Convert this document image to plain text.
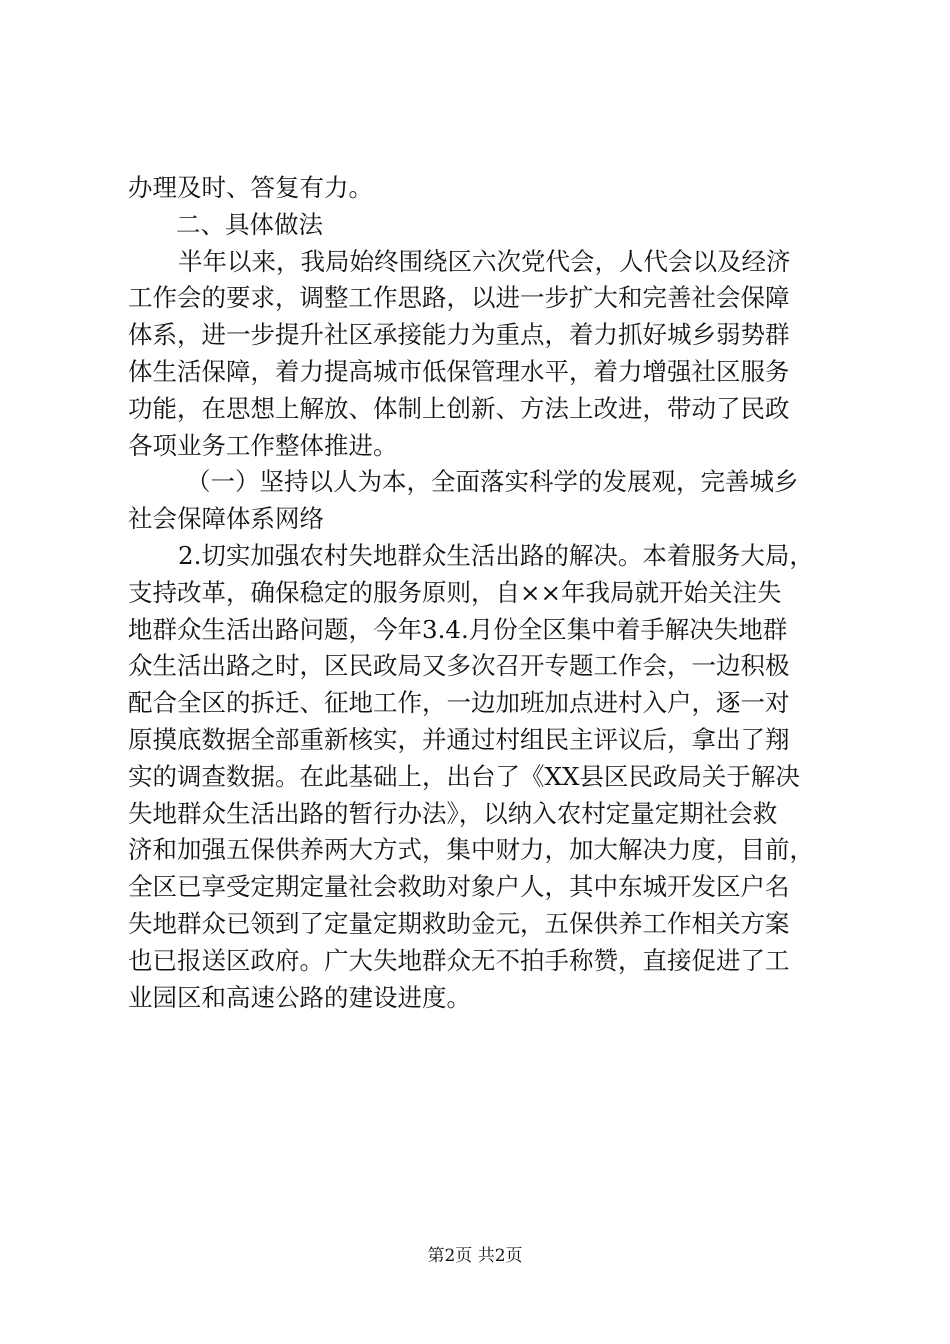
办理及时、答复有力。
二、具体做法
半年以来，我局始终围绕区六次党代会，人代会以及经济
工作会的要求，调整工作思路，以进一步扩大和完善社会保障
体系，进一步提升社区承接能力为重点，着力抓好城乡弱势群
体生活保障，着力提高城市低保管理水平，着力增强社区服务
功能，在思想上解放、体制上创新、方法上改进，带动了民政
各项业务工作整体推进。
（一）坚持以人为本，全面落实科学的发展观，完善城乡
社会保障体系网络
2.切实加强农村失地群众生活出路的解决。本着服务大局，
支持改革，确保稳定的服务原则，自××年我局就开始关注失
地群众生活出路问题，今年3.4.月份全区集中着手解决失地群
众生活出路之时，区民政局又多次召开专题工作会，一边积极
配合全区的拆迁、征地工作，一边加班加点进村入户，逐一对
原摸底数据全部重新核实，并通过村组民主评议后，拿出了翔
实的调查数据。在此基础上，出台了《XX县区民政局关于解决
失地群众生活出路的暂行办法》，以纳入农村定量定期社会救
济和加强五保供养两大方式，集中财力，加大解决力度，目前，
全区已享受定期定量社会救助对象户人，其中东城开发区户名
失地群众已领到了定量定期救助金元，五保供养工作相关方案
也已报送区政府。广大失地群众无不拍手称赞，直接促进了工
业园区和高速公路的建设进度。
第2页 共2页
